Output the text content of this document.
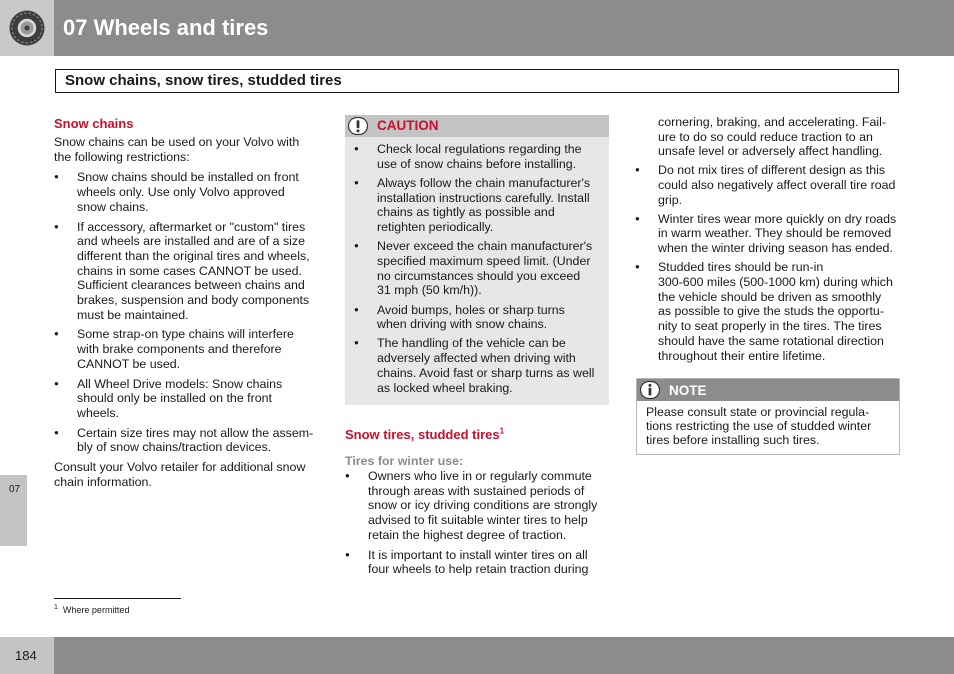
07 Wheels and tires
Snow chains, snow tires, studded tires
Snow chains

Snow chains can be used on your Volvo with
the following restrictions:

● Snow chains should be installed on front
wheels only. Use only Volvo approved
snow chains.
● If accessory, aftermarket or "custom" tires
and wheels are installed and are of a size
different than the original tires and wheels,
chains in some cases CANNOT be used.
Sufficient clearances between chains and
brakes, suspension and body components
must be maintained.
● Some strap-on type chains will interfere
with brake components and therefore
CANNOT be used.
● All Wheel Drive models: Snow chains
should only be installed on the front
wheels.
● Certain size tires may not allow the assem-
bly of snow chains/traction devices.

Consult your Volvo retailer for additional snow
chain information.

CAUTION
● Check local regulations regarding the
use of snow chains before installing.
● Always follow the chain manufacturer's
installation instructions carefully. Install
chains as tightly as possible and
retighten periodically.
● Never exceed the chain manufacturer's
specified maximum speed limit. (Under
no circumstances should you exceed
31 mph (50 km/h)).
● Avoid bumps, holes or sharp turns
when driving with snow chains.
● The handling of the vehicle can be
adversely affected when driving with
chains. Avoid fast or sharp turns as well
as locked wheel braking.
Snow tires, studded tires$^1$
Tires for winter use:
● Owners who live in or regularly commute
through areas with sustained periods of
snow or icy driving conditions are strongly
advised to fit suitable winter tires to help
retain the highest degree of traction.
● It is important to install winter tires on all
four wheels to help retain traction during

cornering, braking, and accelerating. Fail-
ure to do so could reduce traction to an
unsafe level or adversely affect handling.

● Do not mix tires of different design as this
could also negatively affect overall tire road
grip.
● Winter tires wear more quickly on dry roads
in warm weather. They should be removed
when the winter driving season has ended.
● Studded tires should be run-in
300-600 miles (500-1000 km) during which
the vehicle should be driven as smoothly
as possible to give the studs the opportu-
nity to seat properly in the tires. The tires
should have the same rotational direction
throughout their entire lifetime.
NOTE
Please consult state or provincial regula-
tions restricting the use of studded winter
tires before installing such tires.
$^1$ Where permitted
07
184
